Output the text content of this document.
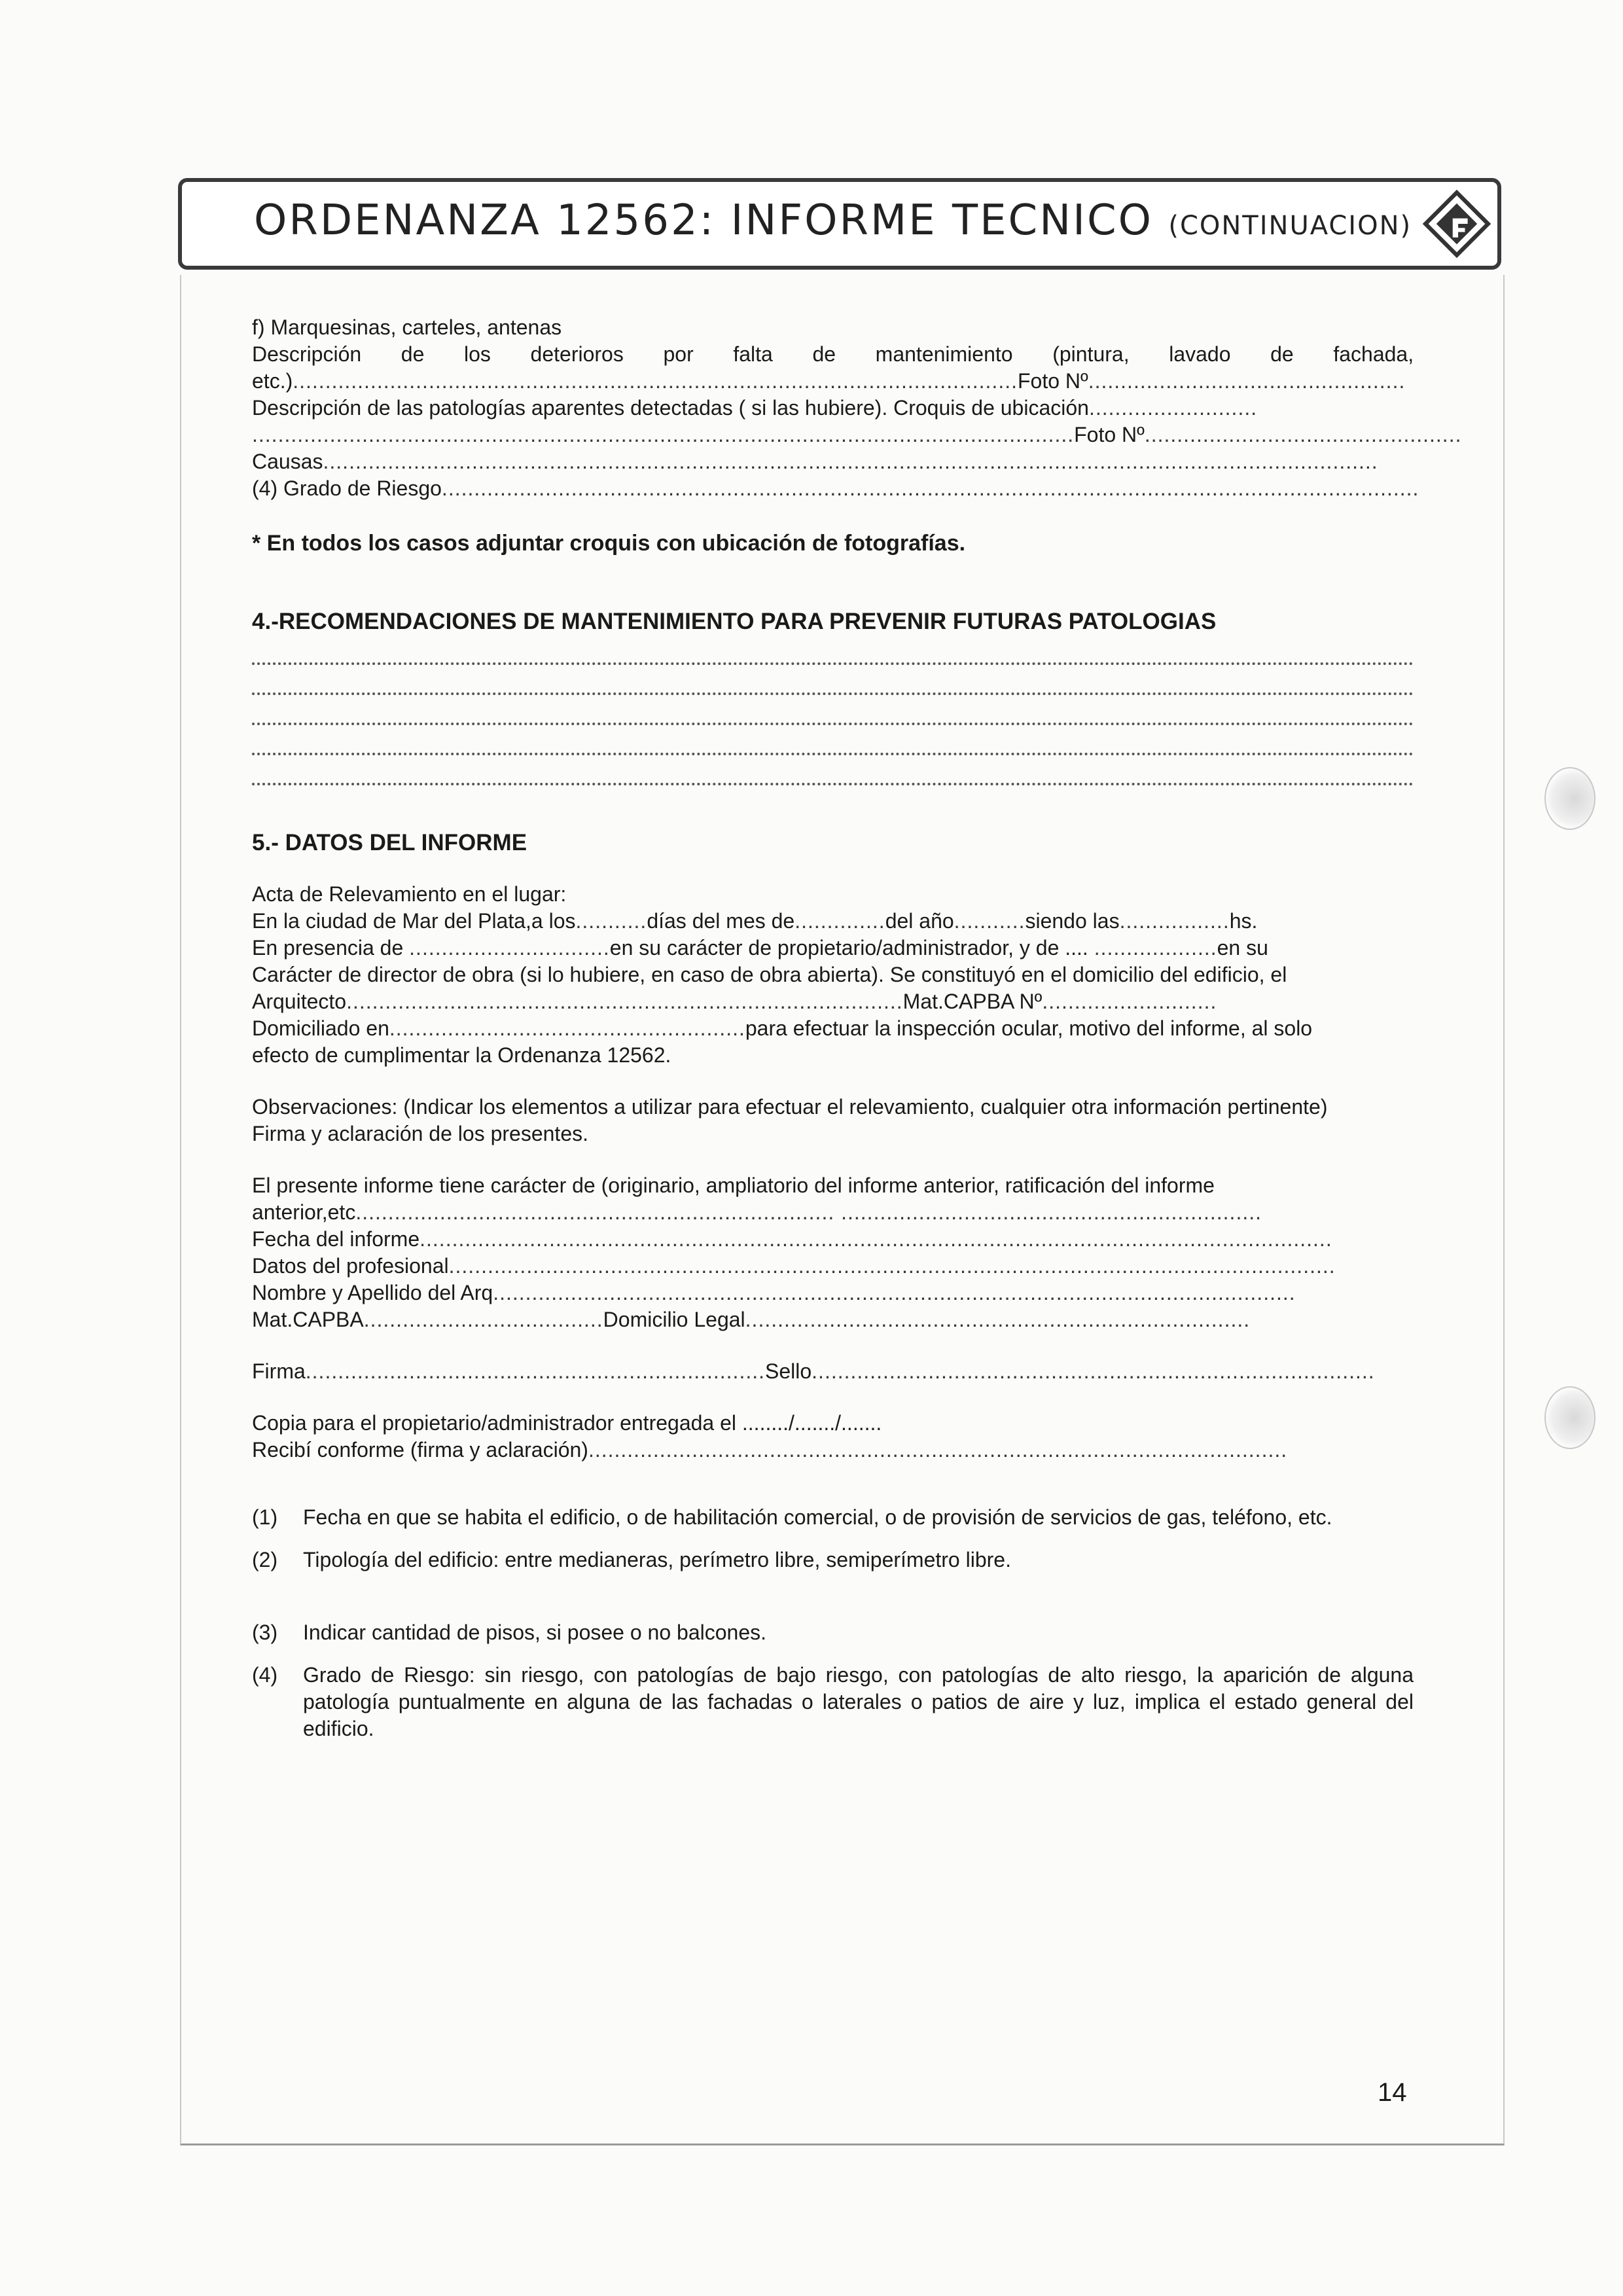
ORDENANZA 12562: INFORME TECNICO (CONTINUACION)
f) Marquesinas, carteles, antenas
Descripción de los deterioros por falta de mantenimiento (pintura, lavado de fachada,
etc.)................................................................................................................Foto Nº.................................................
Descripción de las patologías aparentes detectadas ( si las hubiere). Croquis de ubicación..........................
...............................................................................................................................Foto Nº.................................................
Causas...................................................................................................................................................................
(4) Grado de Riesgo.......................................................................................................................................................
* En todos los casos adjuntar croquis con ubicación de fotografías.
4.-RECOMENDACIONES DE MANTENIMIENTO PARA PREVENIR FUTURAS PATOLOGIAS
5.- DATOS DEL INFORME
Acta de Relevamiento en el lugar:
En la ciudad de Mar del Plata,a los...........días del mes de..............del año...........siendo las.................hs.
En presencia de ...............................en su carácter de propietario/administrador, y de .... ...................en su
Carácter de director de obra (si lo hubiere, en caso de obra abierta). Se constituyó en el domicilio del edificio, el
Arquitecto......................................................................................Mat.CAPBA Nº...........................
Domiciliado en.......................................................para efectuar la inspección ocular, motivo del informe, al solo
efecto de cumplimentar la Ordenanza 12562.
Observaciones: (Indicar los elementos a utilizar para efectuar el relevamiento, cualquier otra información pertinente)
Firma y aclaración de los presentes.
El presente informe tiene carácter de (originario, ampliatorio del informe anterior, ratificación del informe
anterior,etc.......................................................................... .................................................................
Fecha del informe.............................................................................................................................................
Datos del profesional.........................................................................................................................................
Nombre y Apellido del Arq............................................................................................................................
Mat.CAPBA.....................................Domicilio Legal..............................................................................
Firma.......................................................................Sello.......................................................................................
Copia para el propietario/administrador entregada el ......../......./.......
Recibí conforme (firma y aclaración)............................................................................................................
(1)	Fecha en que se habita el edificio, o de habilitación comercial, o de provisión de servicios de gas, teléfono, etc.
(2)	Tipología del edificio: entre medianeras, perímetro libre, semiperímetro libre.
(3)	Indicar cantidad de pisos, si posee o no balcones.
(4)	Grado de Riesgo: sin riesgo, con patologías de bajo riesgo, con patologías de alto riesgo, la aparición de alguna patología puntualmente en alguna de las fachadas o laterales o patios de aire y luz, implica el estado general del edificio.
14
